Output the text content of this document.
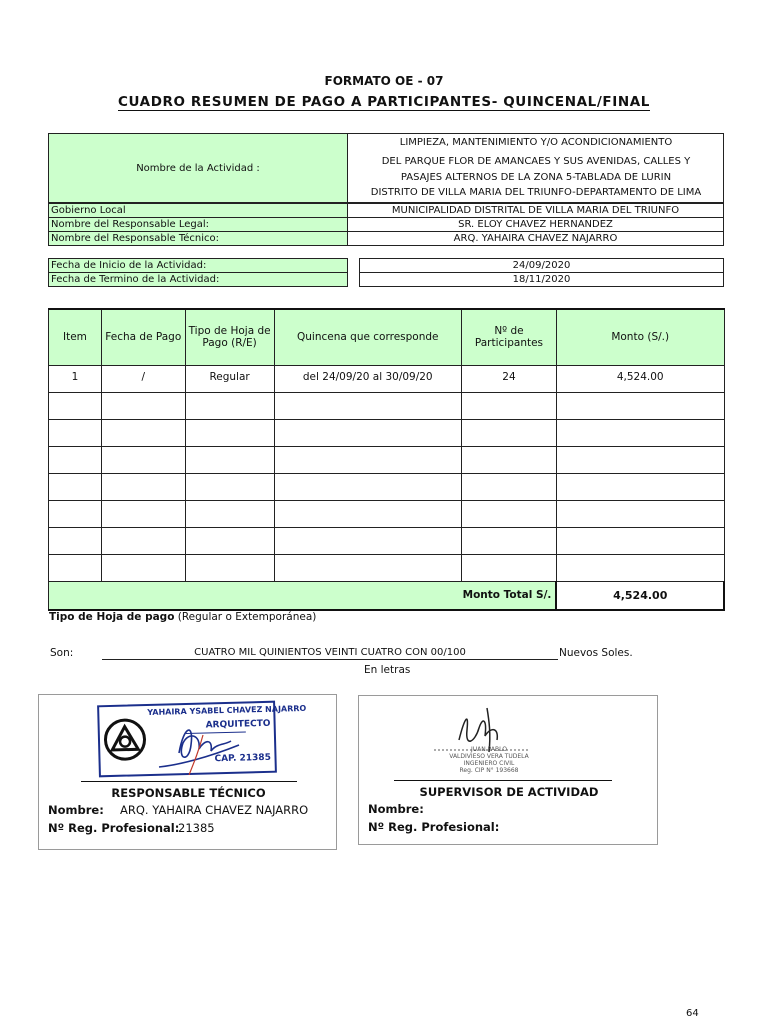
FORMATO OE - 07
CUADRO RESUMEN DE PAGO A PARTICIPANTES- QUINCENAL/FINAL
Nombre de la Actividad :
LIMPIEZA, MANTENIMIENTO Y/O ACONDICIONAMIENTO
DEL PARQUE FLOR DE AMANCAES Y SUS AVENIDAS, CALLES Y
PASAJES ALTERNOS DE LA ZONA 5-TABLADA DE LURIN
DISTRITO DE VILLA MARIA DEL TRIUNFO-DEPARTAMENTO DE LIMA
Gobierno Local	MUNICIPALIDAD DISTRITAL DE VILLA MARIA DEL TRIUNFO
Nombre del Responsable Legal:	SR. ELOY CHAVEZ HERNANDEZ
Nombre del Responsable Técnico:	ARQ. YAHAIRA CHAVEZ NAJARRO
Fecha de Inicio de la Actividad:	24/09/2020
Fecha de Termino de la Actividad:	18/11/2020
Item	Fecha de Pago	Tipo de Hoja de Pago (R/E)	Quincena que corresponde	Nº de Participantes	Monto (S/.)
1	/	Regular	del 24/09/20 al 30/09/20	24	4,524.00

Monto Total S/.					4,524.00
Tipo de Hoja de pago (Regular o Extemporánea)
Son:	CUATRO MIL QUINIENTOS VEINTI CUATRO CON 00/100	Nuevos Soles.
En letras
YAHAIRA YSABEL CHAVEZ NAJARRO
ARQUITECTO
CAP. 21385
RESPONSABLE TÉCNICO
Nombre: ARQ. YAHAIRA CHAVEZ NAJARRO
Nº Reg. Profesional:
21385
JUAN PABLO
VALDIVIESO VERA TUDELA
INGENIERO CIVIL
Reg. CIP N° 193668
SUPERVISOR DE ACTIVIDAD
Nombre:
Nº Reg. Profesional:
64
